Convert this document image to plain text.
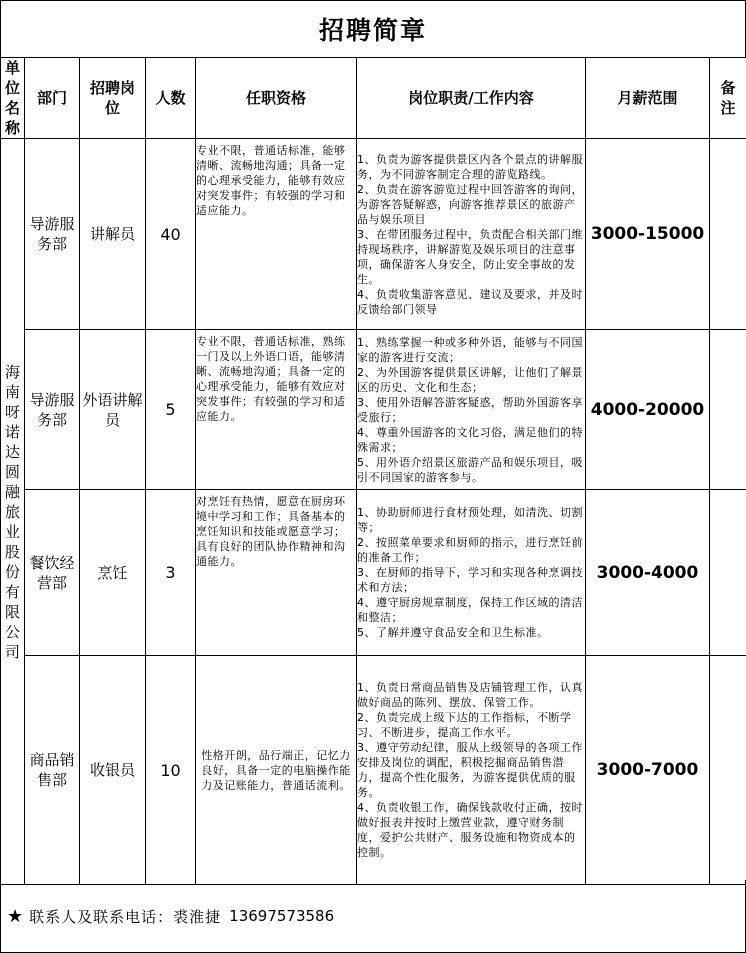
招聘简章
单位名称	部门	招聘岗位	人数	任职资格	岗位职责/工作内容	月薪范围	备注

海南呀诺达圆融旅业股份有限公司	导游服务部	讲解员	40	专业不限，普通话标准，能够清晰、流畅地沟通；具备一定的心理承受能力，能够有效应对突发事件；有较强的学习和适应能力。	1、负责为游客提供景区内各个景点的讲解服务，为不同游客制定合理的游览路线。
2、负责在游客游览过程中回答游客的询问，为游客答疑解惑，向游客推荐景区的旅游产品与娱乐项目
3、在带团服务过程中，负责配合相关部门维持现场秩序，讲解游览及娱乐项目的注意事项，确保游客人身安全，防止安全事故的发生。
4、负责收集游客意见、建议及要求，并及时反馈给部门领导	3000-15000	
	导游服务部	外语讲解员	5	专业不限，普通话标准，熟练一门及以上外语口语，能够清晰、流畅地沟通；具备一定的心理承受能力，能够有效应对突发事件；有较强的学习和适应能力。	1、熟练掌握一种或多种外语，能够与不同国家的游客进行交流；
2、为外国游客提供景区讲解，让他们了解景区的历史、文化和生态；
3、使用外语解答游客疑惑，帮助外国游客享受旅行；
4、尊重外国游客的文化习俗，满足他们的特殊需求；
5、用外语介绍景区旅游产品和娱乐项目，吸引不同国家的游客参与。	4000-20000	
	餐饮经营部	烹饪	3	对烹饪有热情，愿意在厨房环境中学习和工作；具备基本的烹饪知识和技能或愿意学习；具有良好的团队协作精神和沟通能力。	1、协助厨师进行食材预处理，如清洗、切割等；
2、按照菜单要求和厨师的指示，进行烹饪前的准备工作；
3、在厨师的指导下，学习和实现各种烹调技术和方法；
4、遵守厨房规章制度，保持工作区域的清洁和整洁；
5、了解并遵守食品安全和卫生标准。	3000-4000	
	商品销售部	收银员	10	性格开朗，品行端正，记忆力良好，具备一定的电脑操作能力及记账能力，普通话流利。	1、负责日常商品销售及店铺管理工作，认真做好商品的陈列、摆放、保管工作。
2、负责完成上级下达的工作指标，不断学习、不断进步，提高工作水平。
3、遵守劳动纪律，服从上级领导的各项工作安排及岗位的调配，积极挖掘商品销售潜力，提高个性化服务，为游客提供优质的服务。
4、负责收银工作，确保钱款收付正确，按时做好报表并按时上缴营业款，遵守财务制度，爱护公共财产、服务设施和物资成本的控制。	3000-7000	
★ 联系人及联系电话：裘淮捷 13697573586
